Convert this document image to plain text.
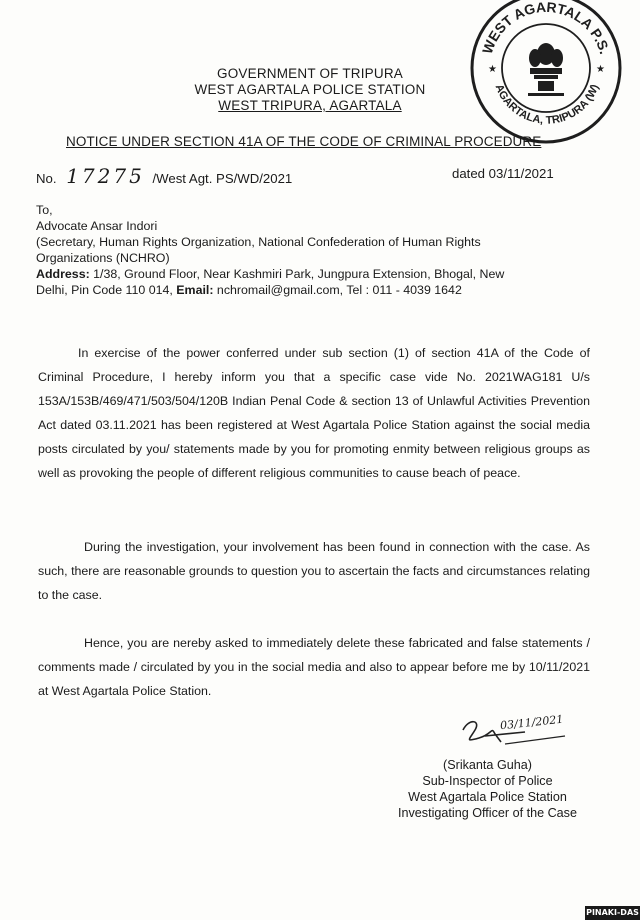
GOVERNMENT OF TRIPURA
WEST AGARTALA POLICE STATION
WEST TRIPURA, AGARTALA
WEST AGARTALA P.S.
AGARTALA, TRIPURA (W)
★	★
NOTICE UNDER SECTION 41A OF THE CODE OF CRIMINAL PROCEDURE
No. 17275 /West Agt. PS/WD/2021	dated 03/11/2021
To,
Advocate Ansar Indori
(Secretary, Human Rights Organization, National Confederation of Human Rights
Organizations (NCHRO)
Address: 1/38, Ground Floor, Near Kashmiri Park, Jungpura Extension, Bhogal, New
Delhi, Pin Code 110 014, Email: nchromail@gmail.com, Tel : 011 - 4039 1642
In exercise of the power conferred under sub section (1) of section 41A of the Code of Criminal Procedure, I hereby inform you that a specific case vide No. 2021WAG181 U/s 153A/153B/469/471/503/504/120B Indian Penal Code & section 13 of Unlawful Activities Prevention Act dated 03.11.2021 has been registered at West Agartala Police Station against the social media posts circulated by you/ statements made by you for promoting enmity between religious groups as well as provoking the people of different religious communities to cause beach of peace.
During the investigation, your involvement has been found in connection with the case. As such, there are reasonable grounds to question you to ascertain the facts and circumstances relating to the case.
Hence, you are nereby asked to immediately delete these fabricated and false statements / comments made / circulated by you in the social media and also to appear before me by 10/11/2021 at West Agartala Police Station.
03/11/2021
(Srikanta Guha)
Sub-Inspector of Police
West Agartala Police Station
Investigating Officer of the Case
PINAKI-DAS
